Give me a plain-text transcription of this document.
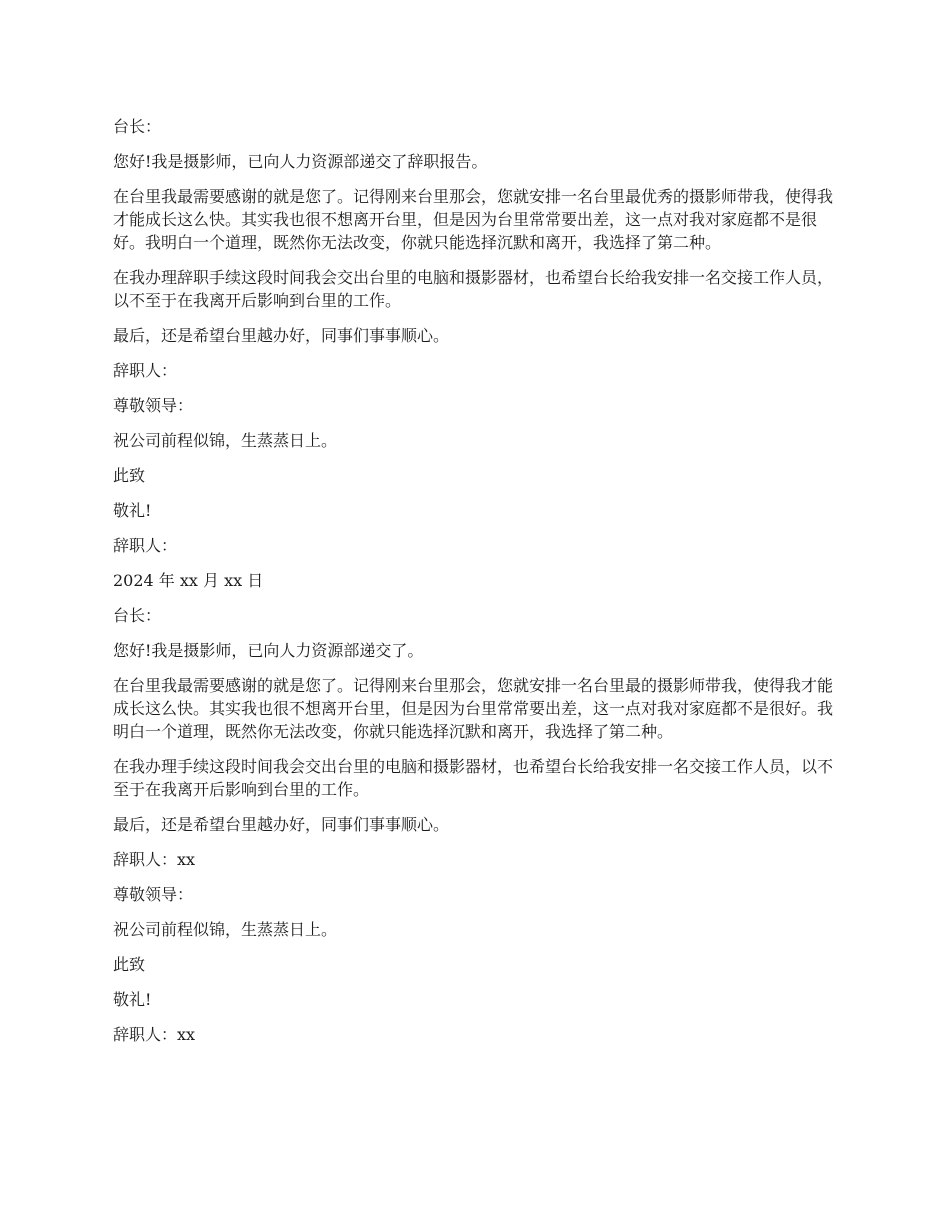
台长：

您好!我是摄影师，已向人力资源部递交了辞职报告。

在台里我最需要感谢的就是您了。记得刚来台里那会，您就安排一名台里最优秀的摄影师带我，使得我才能成长这么快。其实我也很不想离开台里，但是因为台里常常要出差，这一点对我对家庭都不是很好。我明白一个道理，既然你无法改变，你就只能选择沉默和离开，我选择了第二种。

在我办理辞职手续这段时间我会交出台里的电脑和摄影器材，也希望台长给我安排一名交接工作人员，以不至于在我离开后影响到台里的工作。

最后，还是希望台里越办好，同事们事事顺心。

辞职人：

尊敬领导：

祝公司前程似锦，生蒸蒸日上。

此致

敬礼!

辞职人：

2024 年 xx 月 xx 日

台长：

您好!我是摄影师，已向人力资源部递交了。

在台里我最需要感谢的就是您了。记得刚来台里那会，您就安排一名台里最的摄影师带我，使得我才能成长这么快。其实我也很不想离开台里，但是因为台里常常要出差，这一点对我对家庭都不是很好。我明白一个道理，既然你无法改变，你就只能选择沉默和离开，我选择了第二种。

在我办理手续这段时间我会交出台里的电脑和摄影器材，也希望台长给我安排一名交接工作人员，以不至于在我离开后影响到台里的工作。

最后，还是希望台里越办好，同事们事事顺心。

辞职人：xx

尊敬领导：

祝公司前程似锦，生蒸蒸日上。

此致

敬礼!

辞职人：xx
